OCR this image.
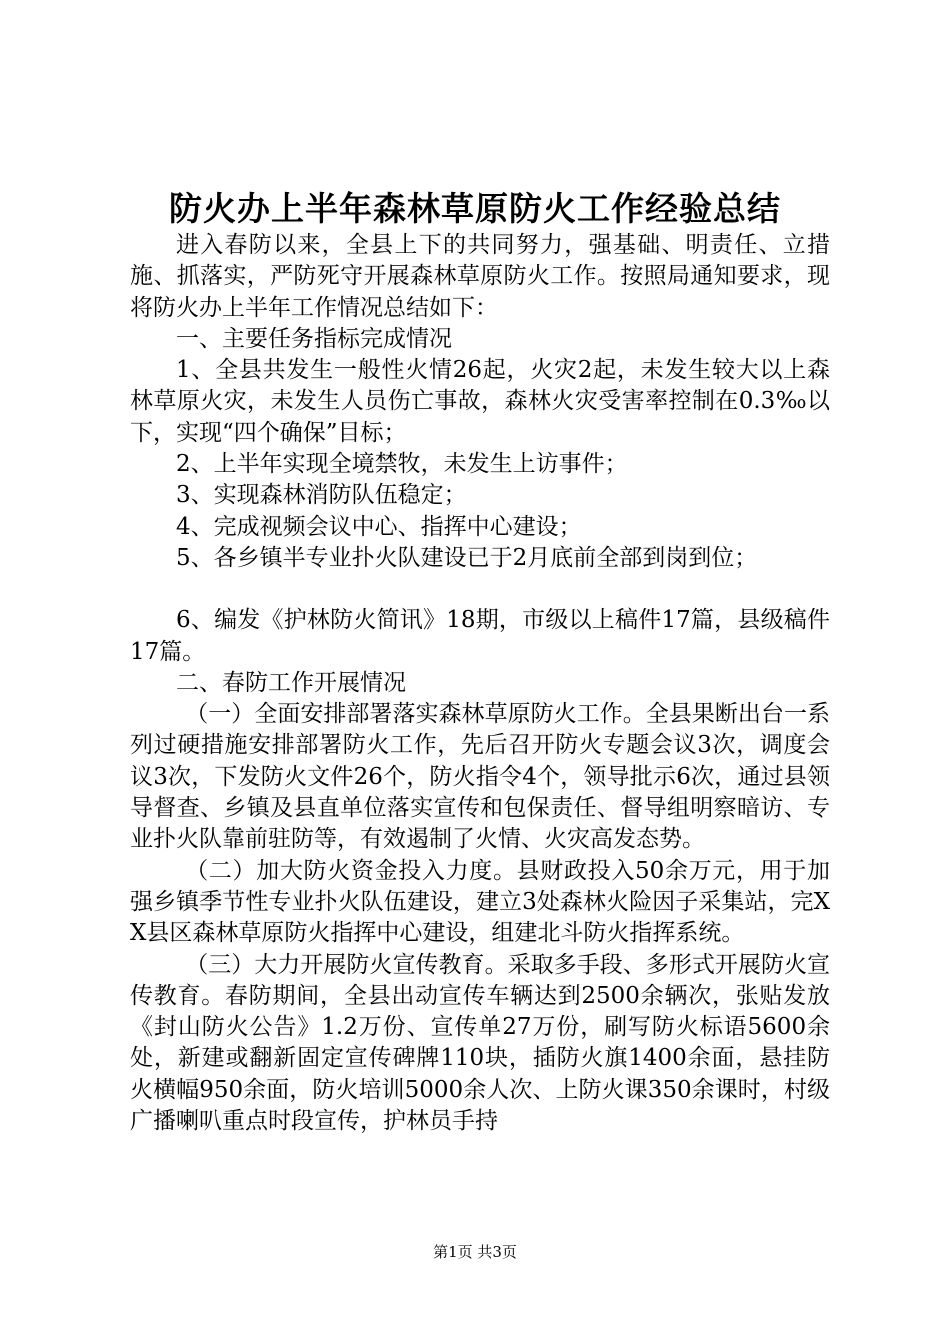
防火办上半年森林草原防火工作经验总结

进入春防以来，全县上下的共同努力，强基础、明责任、立措施、抓落实，严防死守开展森林草原防火工作。按照局通知要求，现将防火办上半年工作情况总结如下：

一、主要任务指标完成情况

1、全县共发生一般性火情26起，火灾2起，未发生较大以上森林草原火灾，未发生人员伤亡事故，森林火灾受害率控制在0.3‰以下，实现“四个确保”目标；

2、上半年实现全境禁牧，未发生上访事件；

3、实现森林消防队伍稳定；

4、完成视频会议中心、指挥中心建设；

5、各乡镇半专业扑火队建设已于2月底前全部到岗到位；

6、编发《护林防火简讯》18期，市级以上稿件17篇，县级稿件17篇。

二、春防工作开展情况

（一）全面安排部署落实森林草原防火工作。全县果断出台一系列过硬措施安排部署防火工作，先后召开防火专题会议3次，调度会议3次，下发防火文件26个，防火指令4个，领导批示6次，通过县领导督查、乡镇及县直单位落实宣传和包保责任、督导组明察暗访、专业扑火队靠前驻防等，有效遏制了火情、火灾高发态势。

（二）加大防火资金投入力度。县财政投入50余万元，用于加强乡镇季节性专业扑火队伍建设，建立3处森林火险因子采集站，完XX县区森林草原防火指挥中心建设，组建北斗防火指挥系统。

（三）大力开展防火宣传教育。采取多手段、多形式开展防火宣传教育。春防期间，全县出动宣传车辆达到2500余辆次，张贴发放《封山防火公告》1.2万份、宣传单27万份，刷写防火标语5600余处，新建或翻新固定宣传碑牌110块，插防火旗1400余面，悬挂防火横幅950余面，防火培训5000余人次、上防火课350余课时，村级广播喇叭重点时段宣传，护林员手持

第1页 共3页
